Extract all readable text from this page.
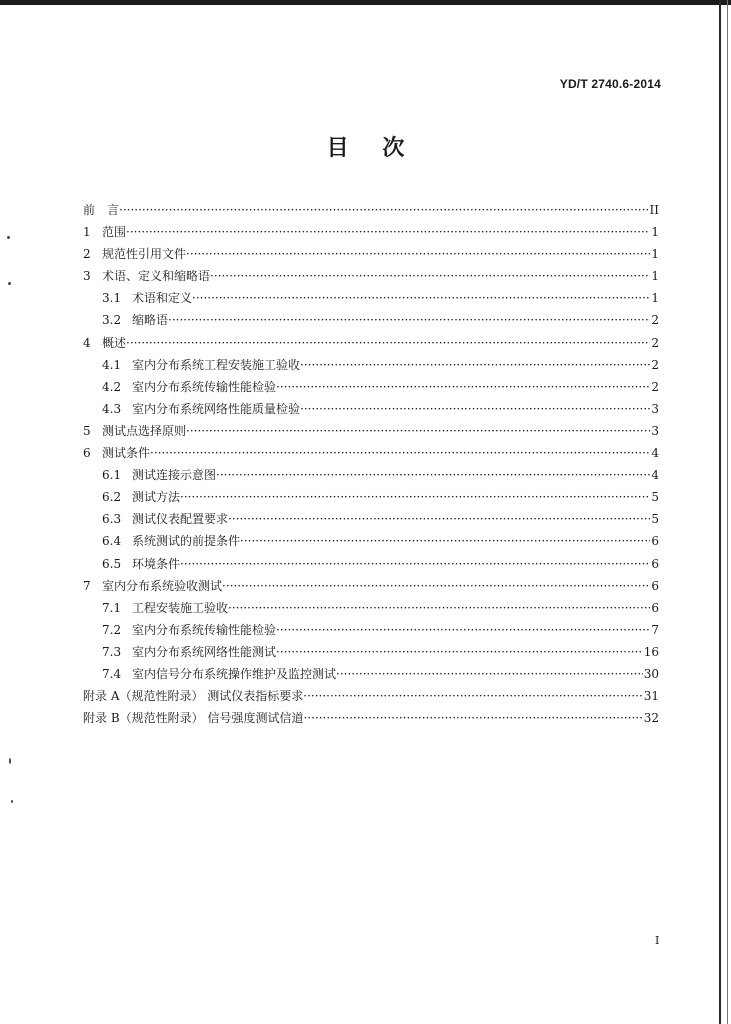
YD/T 2740.6-2014
目 次
前 言 ·····	II
1 范围 ·····	1
2 规范性引用文件 ·····	1
3 术语、定义和缩略语 ·····	1
3.1 术语和定义 ·····	1
3.2 缩略语 ·····	2
4 概述 ·····	2
4.1 室内分布系统工程安装施工验收 ·····	2
4.2 室内分布系统传输性能检验 ·····	2
4.3 室内分布系统网络性能质量检验 ·····	3
5 测试点选择原则 ·····	3
6 测试条件 ·····	4
6.1 测试连接示意图 ·····	4
6.2 测试方法 ·····	5
6.3 测试仪表配置要求 ·····	5
6.4 系统测试的前提条件 ·····	6
6.5 环境条件 ·····	6
7 室内分布系统验收测试 ·····	6
7.1 工程安装施工验收 ·····	6
7.2 室内分布系统传输性能检验 ·····	7
7.3 室内分布系统网络性能测试 ·····	16
7.4 室内信号分布系统操作维护及监控测试 ·····	30
附录 A（规范性附录） 测试仪表指标要求 ·····	31
附录 B（规范性附录） 信号强度测试信道 ·····	32
I
